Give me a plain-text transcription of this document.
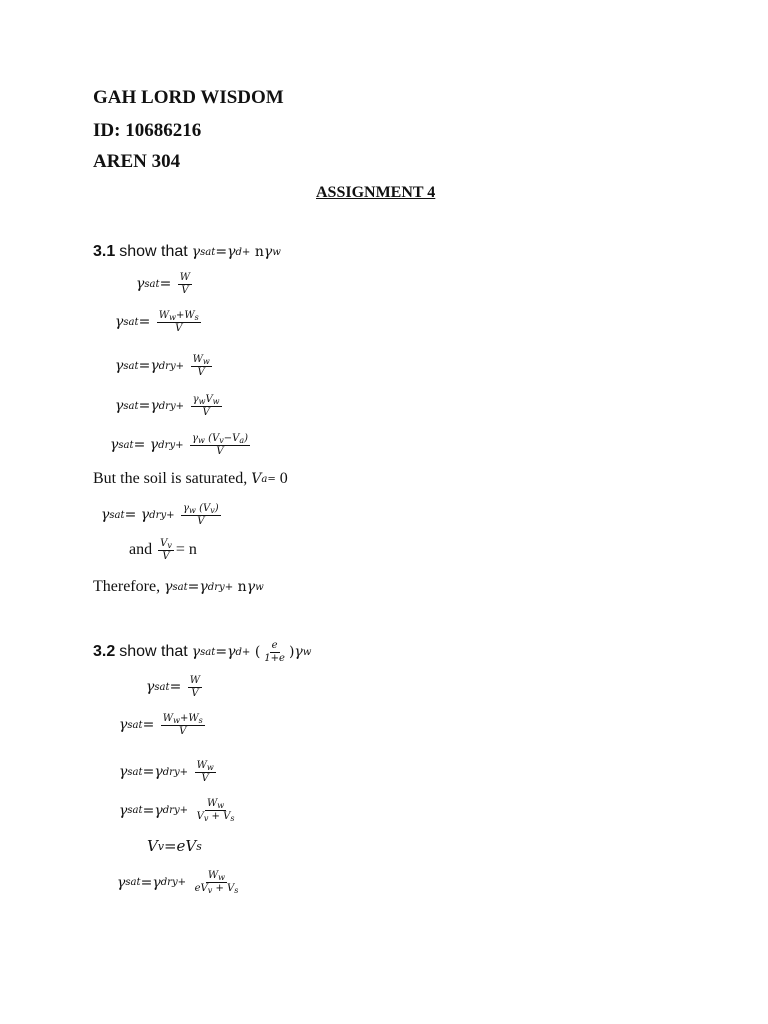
GAH LORD WISDOM
ID: 10686216
AREN 304
ASSIGNMENT 4
3.1 show that γ sat =γ d+
n γ w
γ sat = $\frac{W}{V}$
γ sat = $\frac{W_w+W_s}{V}$
γ sat =γ dry+
$\frac{W_w}{V}$
γ sat =γ dry+
$\frac{\gamma_wV_w}{V}$
γ sat = γ dry+
$\frac{\gamma_w (V_v-V_a)}{V}$
But the soil is saturated, V a= 0
γ sat = γ dry+
$\frac{\gamma_w (V_v)}{V}$
and
$\frac{V_v}{V} = n$
Therefore, γ sat =γ dry+
n γ w
3.2 show that γ sat =γ d+
( $\frac{e}{1+e}$ ) γ w
γ sat = $\frac{W}{V}$
γ sat = $\frac{W_w+W_s}{V}$
γ sat =γ dry+
$\frac{W_w}{V}$
γ sat =γ dry+
$\frac{W_w}{V_v + V_s}$
V v =eV s
γ sat =γ dry+
$\frac{W_w}{eV_v + V_s}$
